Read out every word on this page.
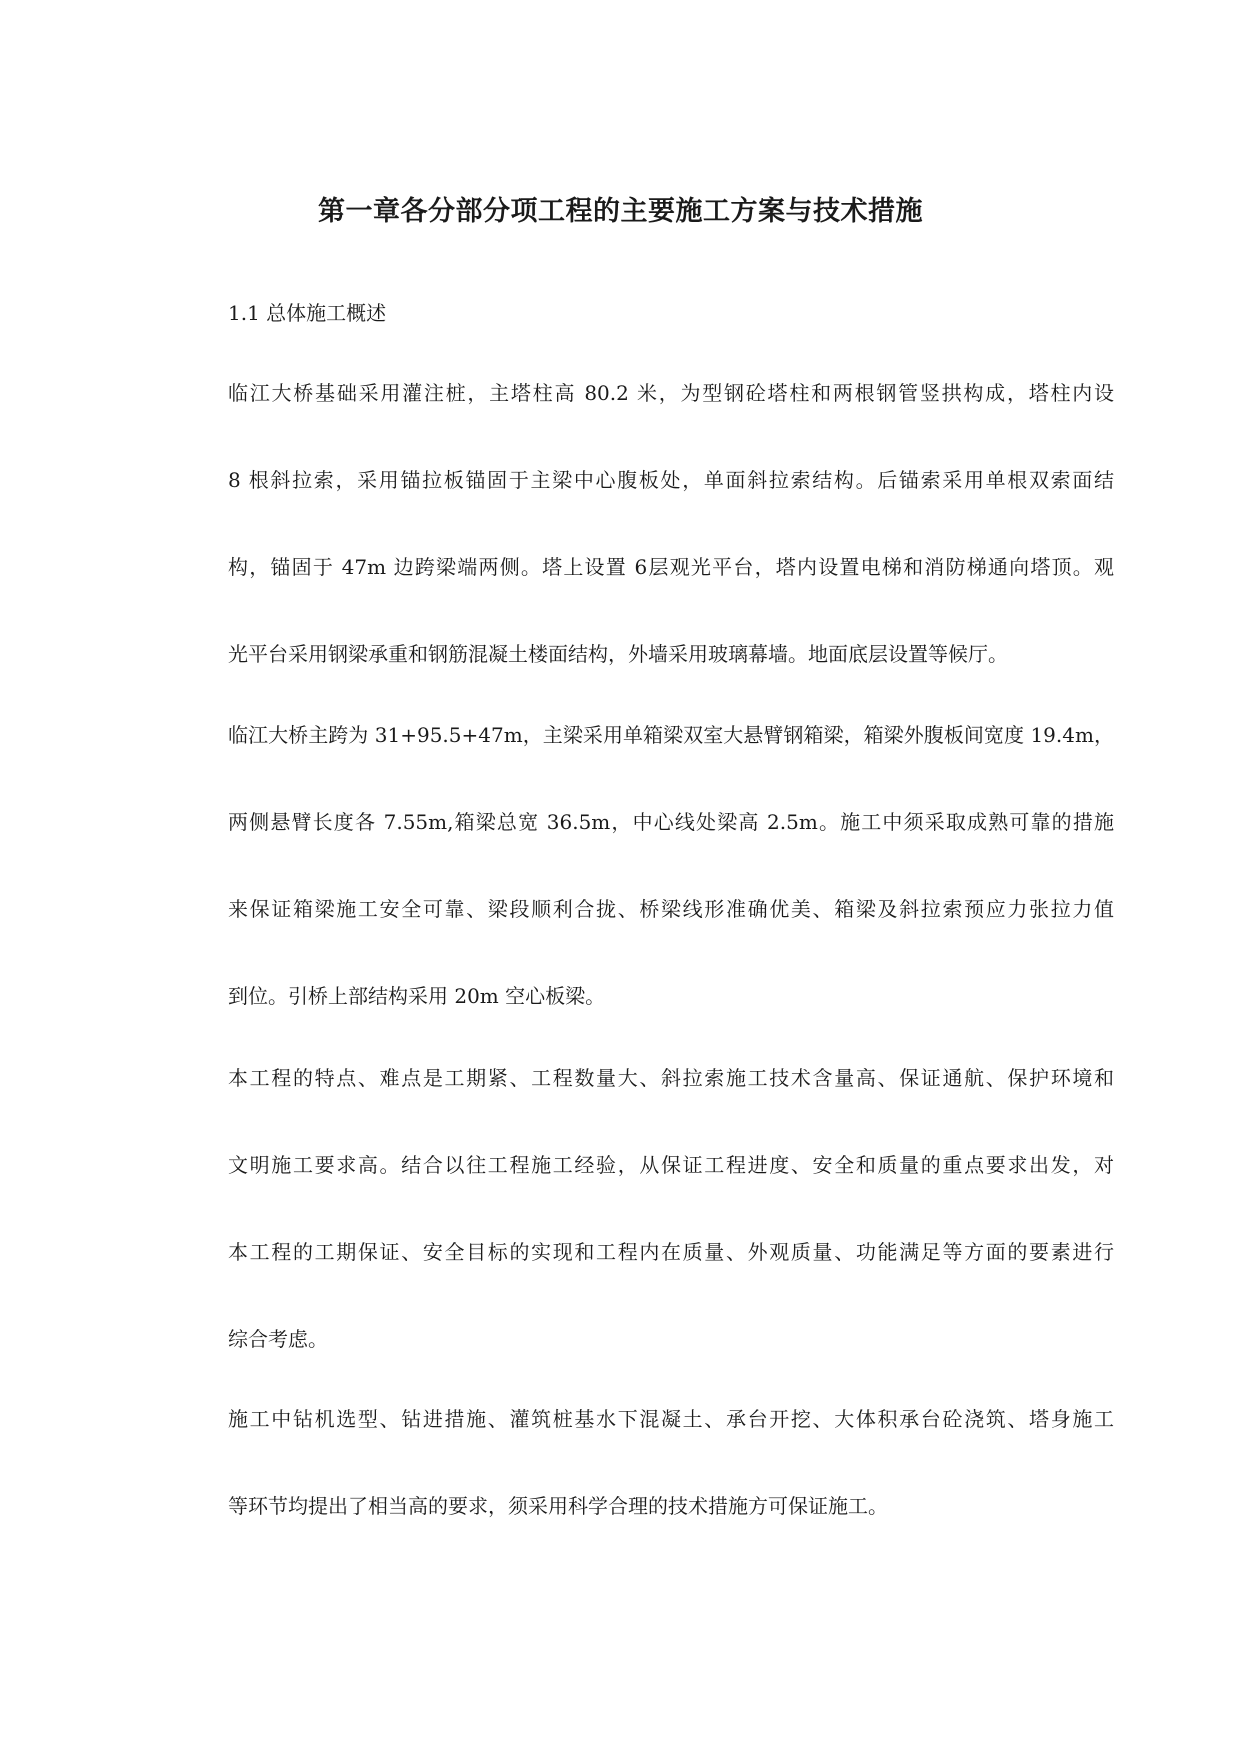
第一章各分部分项工程的主要施工方案与技术措施
1.1 总体施工概述
临江大桥基础采用灌注桩，主塔柱高 80.2 米，为型钢砼塔柱和两根钢管竖拱构成，塔柱内设
8 根斜拉索，采用锚拉板锚固于主梁中心腹板处，单面斜拉索结构。后锚索采用单根双索面结
构，锚固于 47m 边跨梁端两侧。塔上设置 6层观光平台，塔内设置电梯和消防梯通向塔顶。观
光平台采用钢梁承重和钢筋混凝土楼面结构，外墙采用玻璃幕墙。地面底层设置等候厅。
临江大桥主跨为 31+95.5+47m，主梁采用单箱梁双室大悬臂钢箱梁，箱梁外腹板间宽度 19.4m，
两侧悬臂长度各 7.55m,箱梁总宽 36.5m，中心线处梁高 2.5m。施工中须采取成熟可靠的措施
来保证箱梁施工安全可靠、梁段顺利合拢、桥梁线形准确优美、箱梁及斜拉索预应力张拉力值
到位。引桥上部结构采用 20m 空心板梁。
本工程的特点、难点是工期紧、工程数量大、斜拉索施工技术含量高、保证通航、保护环境和
文明施工要求高。结合以往工程施工经验，从保证工程进度、安全和质量的重点要求出发，对
本工程的工期保证、安全目标的实现和工程内在质量、外观质量、功能满足等方面的要素进行
综合考虑。
施工中钻机选型、钻进措施、灌筑桩基水下混凝土、承台开挖、大体积承台砼浇筑、塔身施工
等环节均提出了相当高的要求，须采用科学合理的技术措施方可保证施工。
